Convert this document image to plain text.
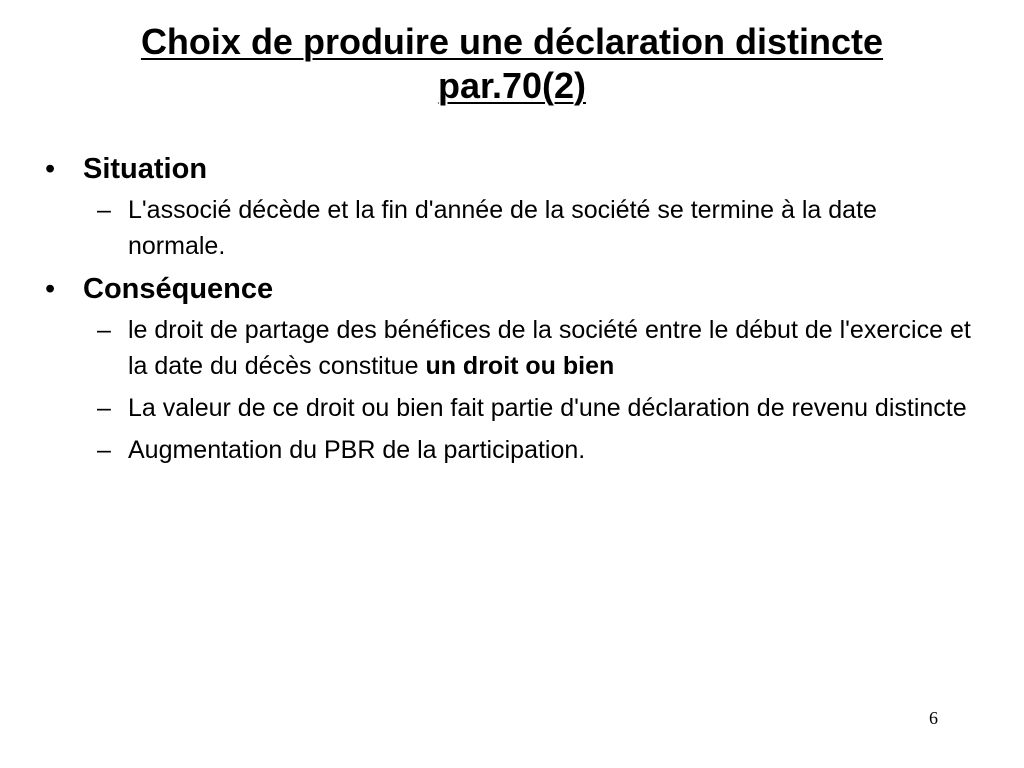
Choix de produire une déclaration distincte
par.70(2)
• Situation
– L'associé décède et la fin d'année de la société se termine à la date normale.
• Conséquence
– le droit de partage des bénéfices de la société entre le début de l'exercice et la date du décès constitue un droit ou bien
– La valeur de ce droit ou bien fait partie d'une déclaration de revenu distincte
– Augmentation du PBR de la participation.
6
